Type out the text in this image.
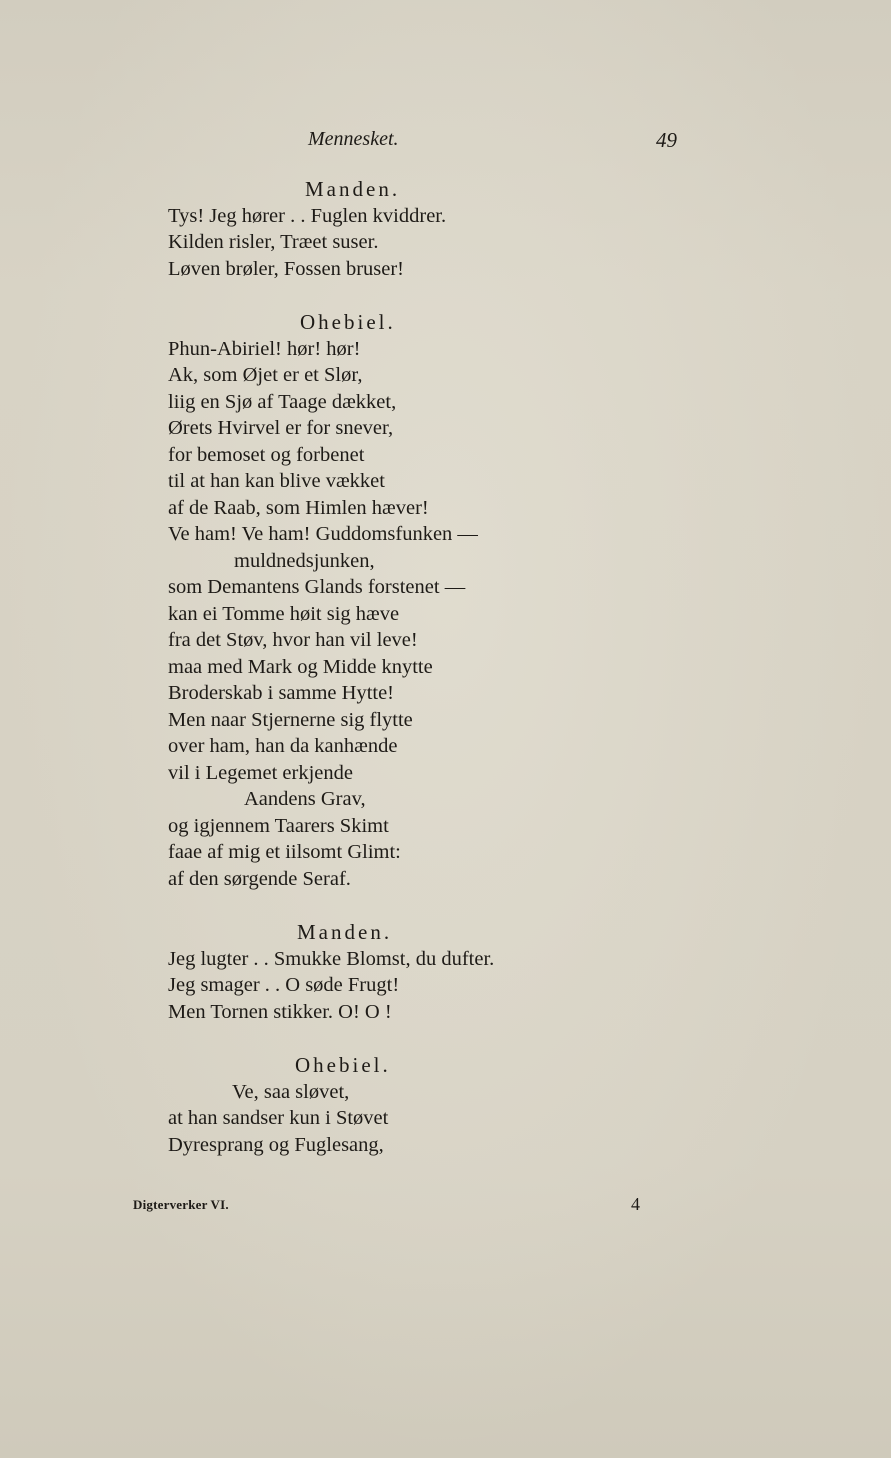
Mennesket.	49
Manden.
Tys! Jeg hører . . Fuglen kviddrer.
Kilden risler, Træet suser.
Løven brøler, Fossen bruser!
Ohebiel.
Phun-Abiriel! hør! hør!
Ak, som Øjet er et Slør,
liig en Sjø af Taage dækket,
Ørets Hvirvel er for snever,
for bemoset og forbenet
til at han kan blive vækket
af de Raab, som Himlen hæver!
Ve ham! Ve ham! Guddomsfunken —
muldnedsjunken,
som Demantens Glands forstenet —
kan ei Tomme høit sig hæve
fra det Støv, hvor han vil leve!
maa med Mark og Midde knytte
Broderskab i samme Hytte!
Men naar Stjernerne sig flytte
over ham, han da kanhænde
vil i Legemet erkjende
Aandens Grav,
og igjennem Taarers Skimt
faae af mig et iilsomt Glimt:
af den sørgende Seraf.
Manden.
Jeg lugter . . Smukke Blomst, du dufter.
Jeg smager . . O søde Frugt!
Men Tornen stikker. O! O !
Ohebiel.
Ve, saa sløvet,
at han sandser kun i Støvet
Dyresprang og Fuglesang,
Digterverker VI.	4
